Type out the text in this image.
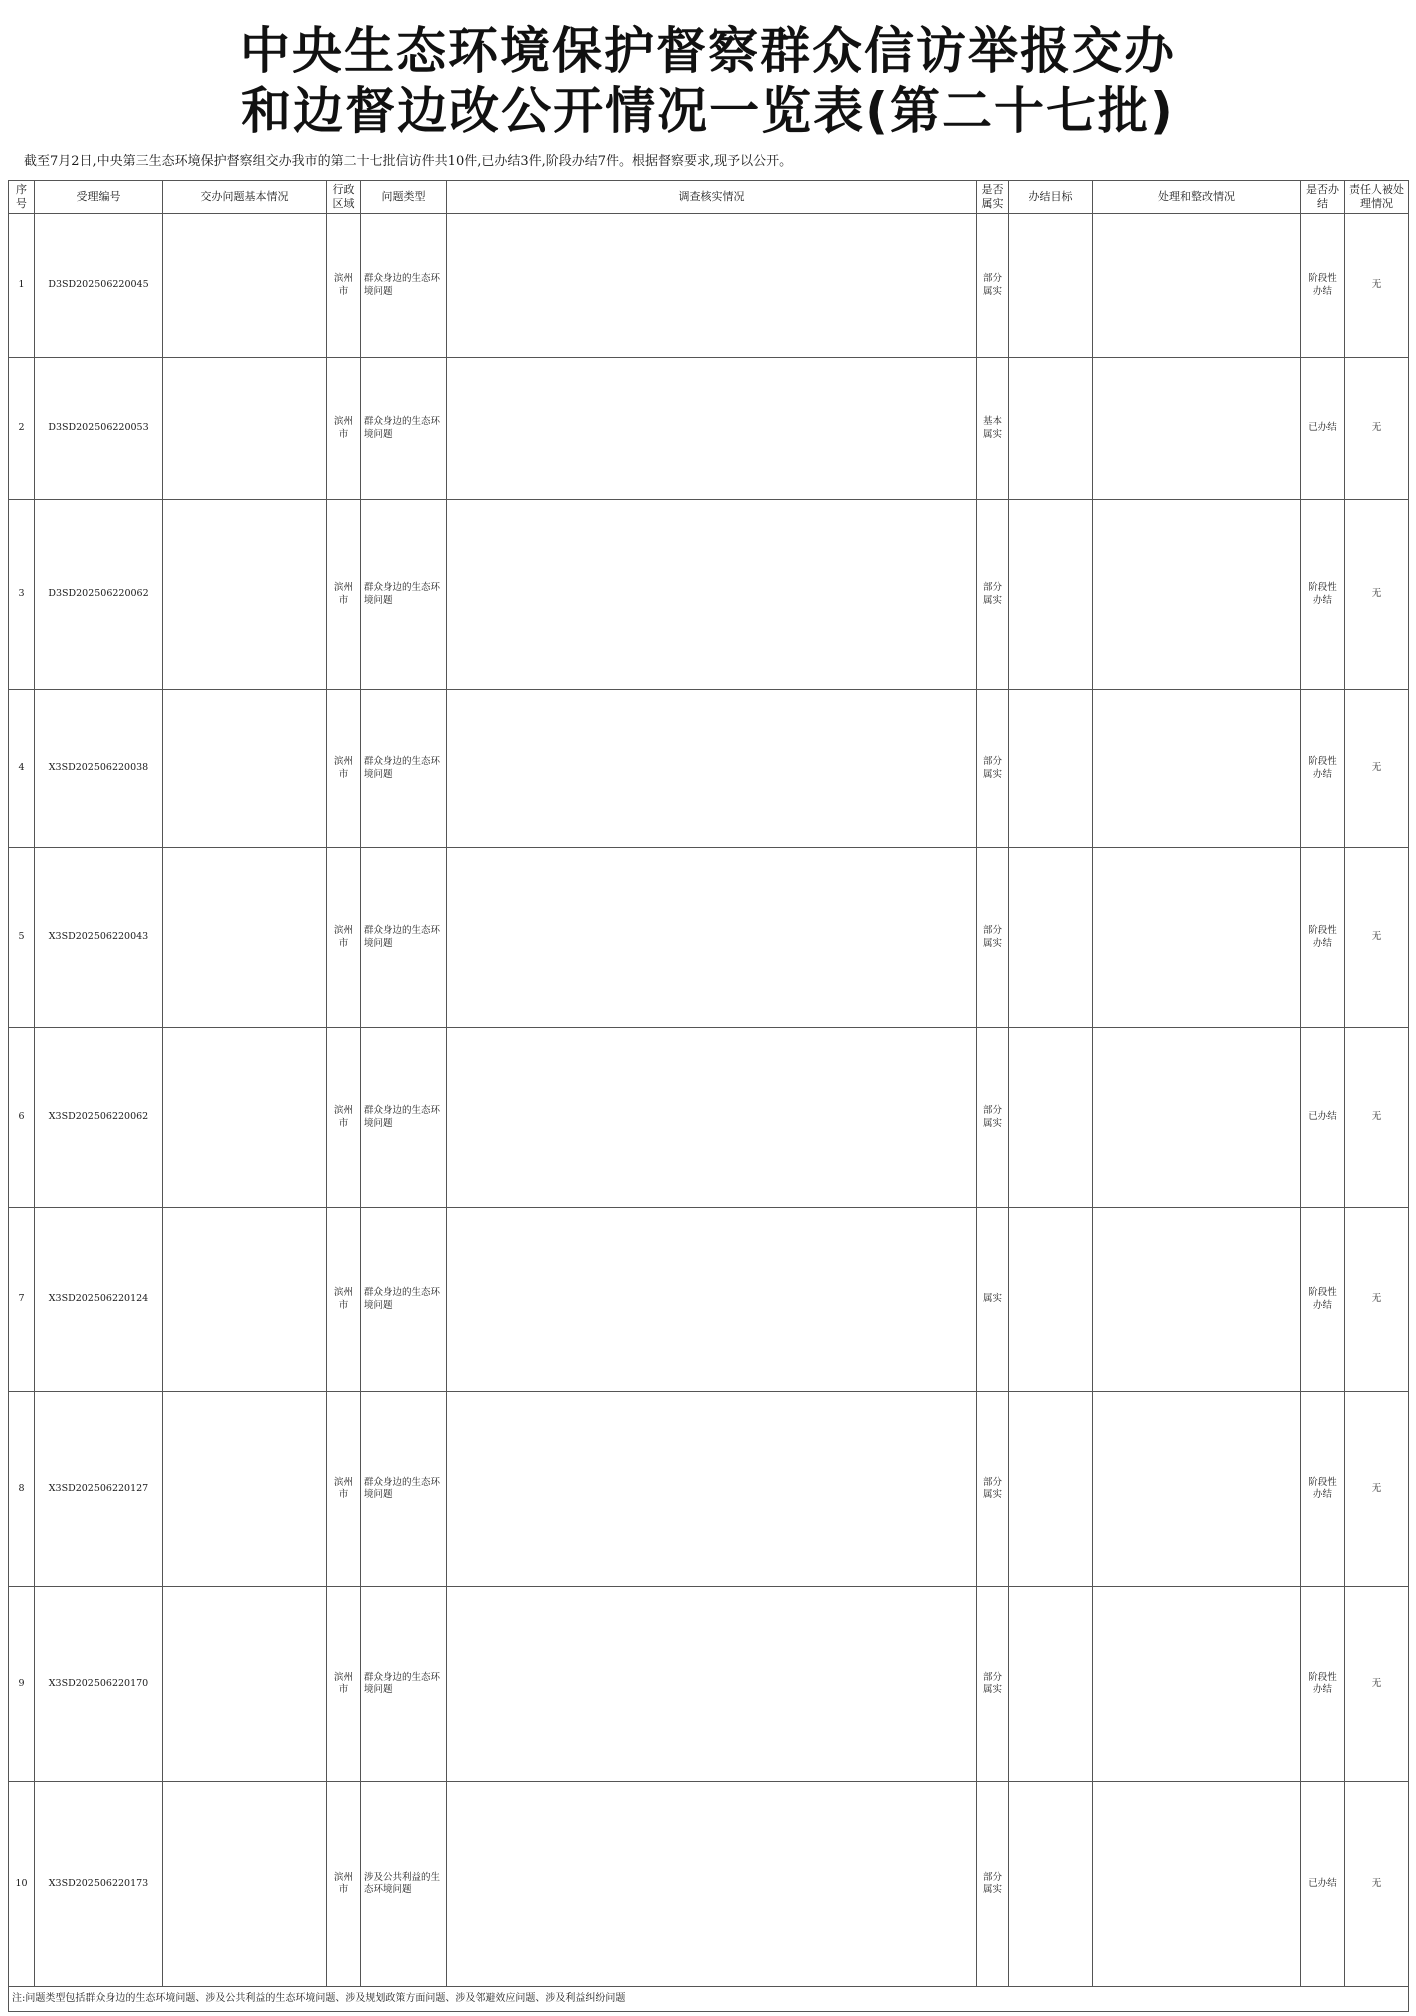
中央生态环境保护督察群众信访举报交办
和边督边改公开情况一览表(第二十七批)
截至7月2日,中央第三生态环境保护督察组交办我市的第二十七批信访件共10件,已办结3件,阶段办结7件。根据督察要求,现予以公开。
序号	受理编号	交办问题基本情况	行政区域	问题类型	调查核实情况	是否属实	办结目标	处理和整改情况	是否办结	责任人被处理情况
1	D3SD202506220045		滨州市	群众身边的生态环境问题		部分属实			阶段性办结	无
2	D3SD202506220053		滨州市	群众身边的生态环境问题		基本属实			已办结	无
3	D3SD202506220062		滨州市	群众身边的生态环境问题		部分属实			阶段性办结	无
4	X3SD202506220038		滨州市	群众身边的生态环境问题		部分属实			阶段性办结	无
5	X3SD202506220043		滨州市	群众身边的生态环境问题		部分属实			阶段性办结	无
6	X3SD202506220062		滨州市	群众身边的生态环境问题		部分属实			已办结	无
7	X3SD202506220124		滨州市	群众身边的生态环境问题		属实			阶段性办结	无
8	X3SD202506220127		滨州市	群众身边的生态环境问题		部分属实			阶段性办结	无
9	X3SD202506220170		滨州市	群众身边的生态环境问题		部分属实			阶段性办结	无
10	X3SD202506220173		滨州市	涉及公共利益的生态环境问题		部分属实			已办结	无
注:问题类型包括群众身边的生态环境问题、涉及公共利益的生态环境问题、涉及规划政策方面问题、涉及邻避效应问题、涉及利益纠纷问题										
